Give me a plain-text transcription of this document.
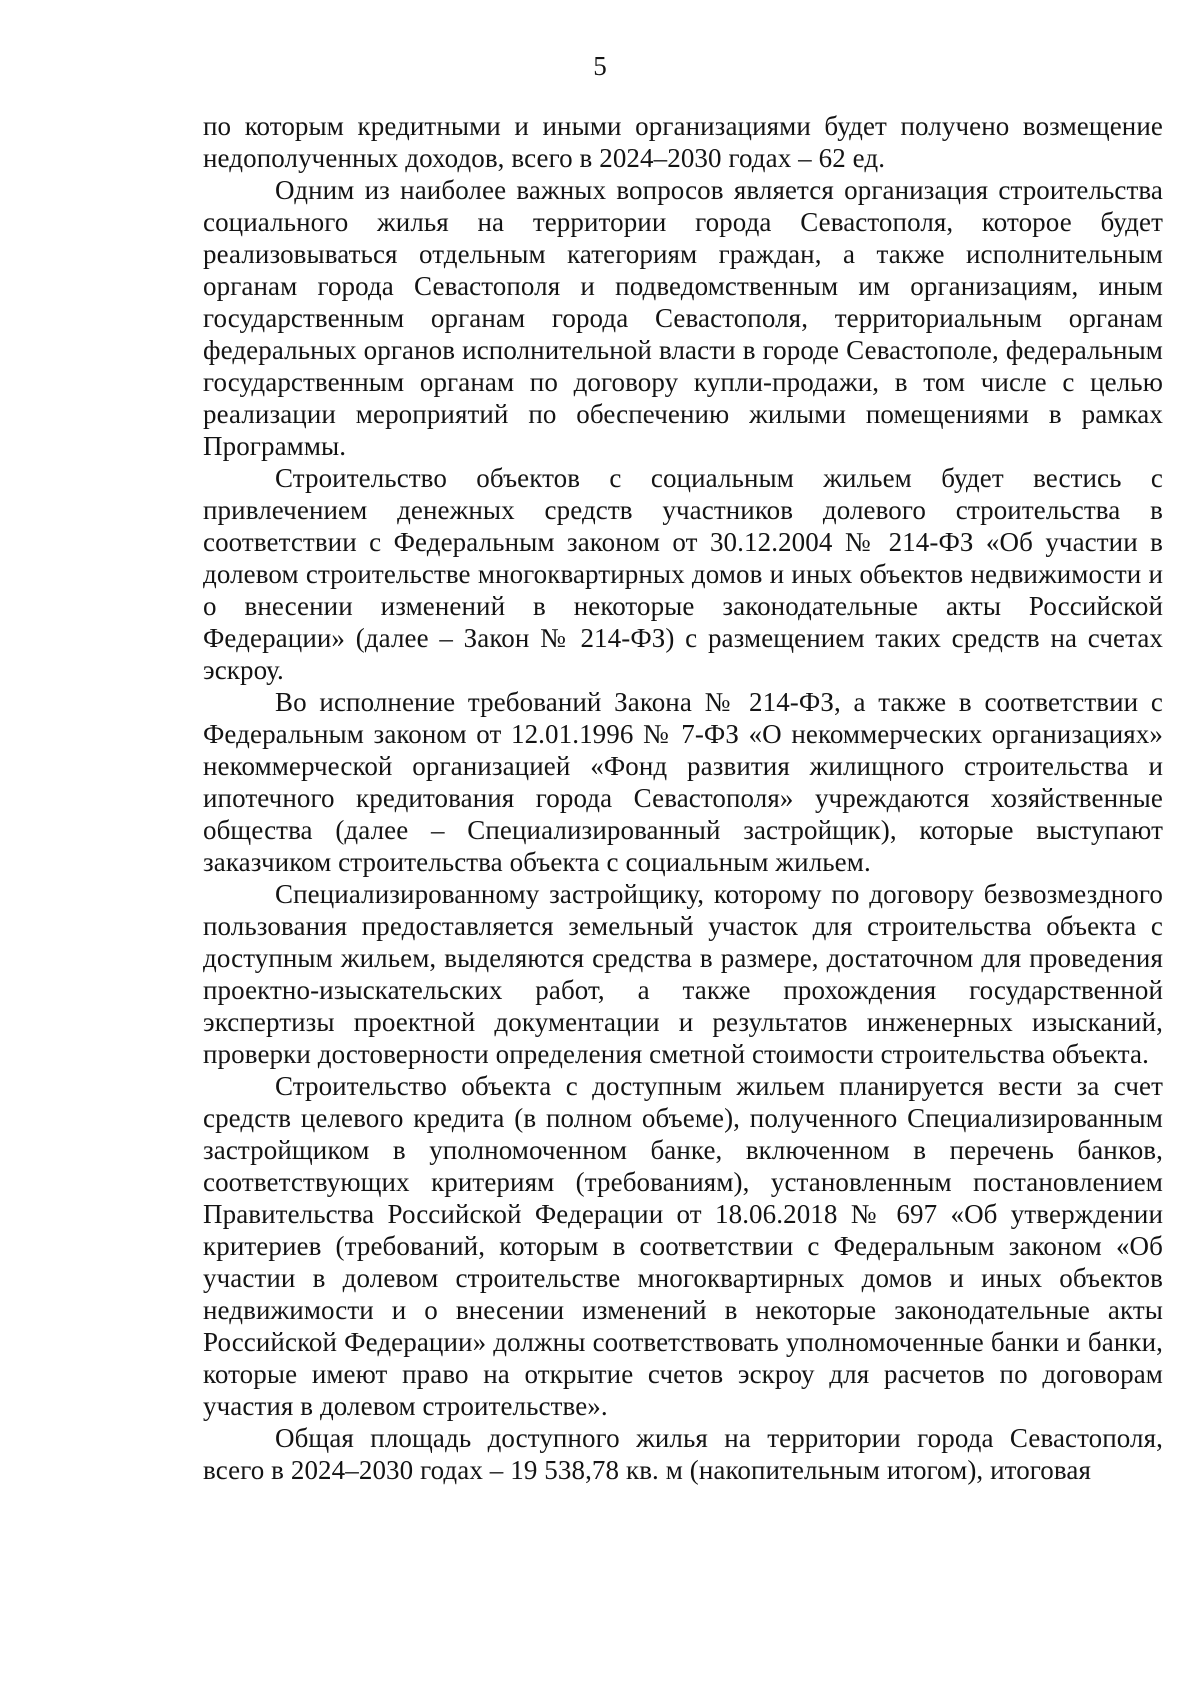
5

по которым кредитными и иными организациями будет получено возмещение недополученных доходов, всего в 2024–2030 годах – 62 ед.

Одним из наиболее важных вопросов является организация строительства социального жилья на территории города Севастополя, которое будет реализовываться отдельным категориям граждан, а также исполнительным органам города Севастополя и подведомственным им организациям, иным государственным органам города Севастополя, территориальным органам федеральных органов исполнительной власти в городе Севастополе, федеральным государственным органам по договору купли-продажи, в том числе с целью реализации мероприятий по обеспечению жилыми помещениями в рамках Программы.

Строительство объектов с социальным жильем будет вестись с привлечением денежных средств участников долевого строительства в соответствии с Федеральным законом от 30.12.2004 № 214-ФЗ «Об участии в долевом строительстве многоквартирных домов и иных объектов недвижимости и о внесении изменений в некоторые законодательные акты Российской Федерации» (далее – Закон № 214-ФЗ) с размещением таких средств на счетах эскроу.

Во исполнение требований Закона № 214-ФЗ, а также в соответствии с Федеральным законом от 12.01.1996 № 7-ФЗ «О некоммерческих организациях» некоммерческой организацией «Фонд развития жилищного строительства и ипотечного кредитования города Севастополя» учреждаются хозяйственные общества (далее – Специализированный застройщик), которые выступают заказчиком строительства объекта с социальным жильем.

Специализированному застройщику, которому по договору безвозмездного пользования предоставляется земельный участок для строительства объекта с доступным жильем, выделяются средства в размере, достаточном для проведения проектно-изыскательских работ, а также прохождения государственной экспертизы проектной документации и результатов инженерных изысканий, проверки достоверности определения сметной стоимости строительства объекта.

Строительство объекта с доступным жильем планируется вести за счет средств целевого кредита (в полном объеме), полученного Специализированным застройщиком в уполномоченном банке, включенном в перечень банков, соответствующих критериям (требованиям), установленным постановлением Правительства Российской Федерации от 18.06.2018 № 697 «Об утверждении критериев (требований, которым в соответствии с Федеральным законом «Об участии в долевом строительстве многоквартирных домов и иных объектов недвижимости и о внесении изменений в некоторые законодательные акты Российской Федерации» должны соответствовать уполномоченные банки и банки, которые имеют право на открытие счетов эскроу для расчетов по договорам участия в долевом строительстве».

Общая площадь доступного жилья на территории города Севастополя, всего в 2024–2030 годах – 19 538,78 кв. м (накопительным итогом), итоговая
